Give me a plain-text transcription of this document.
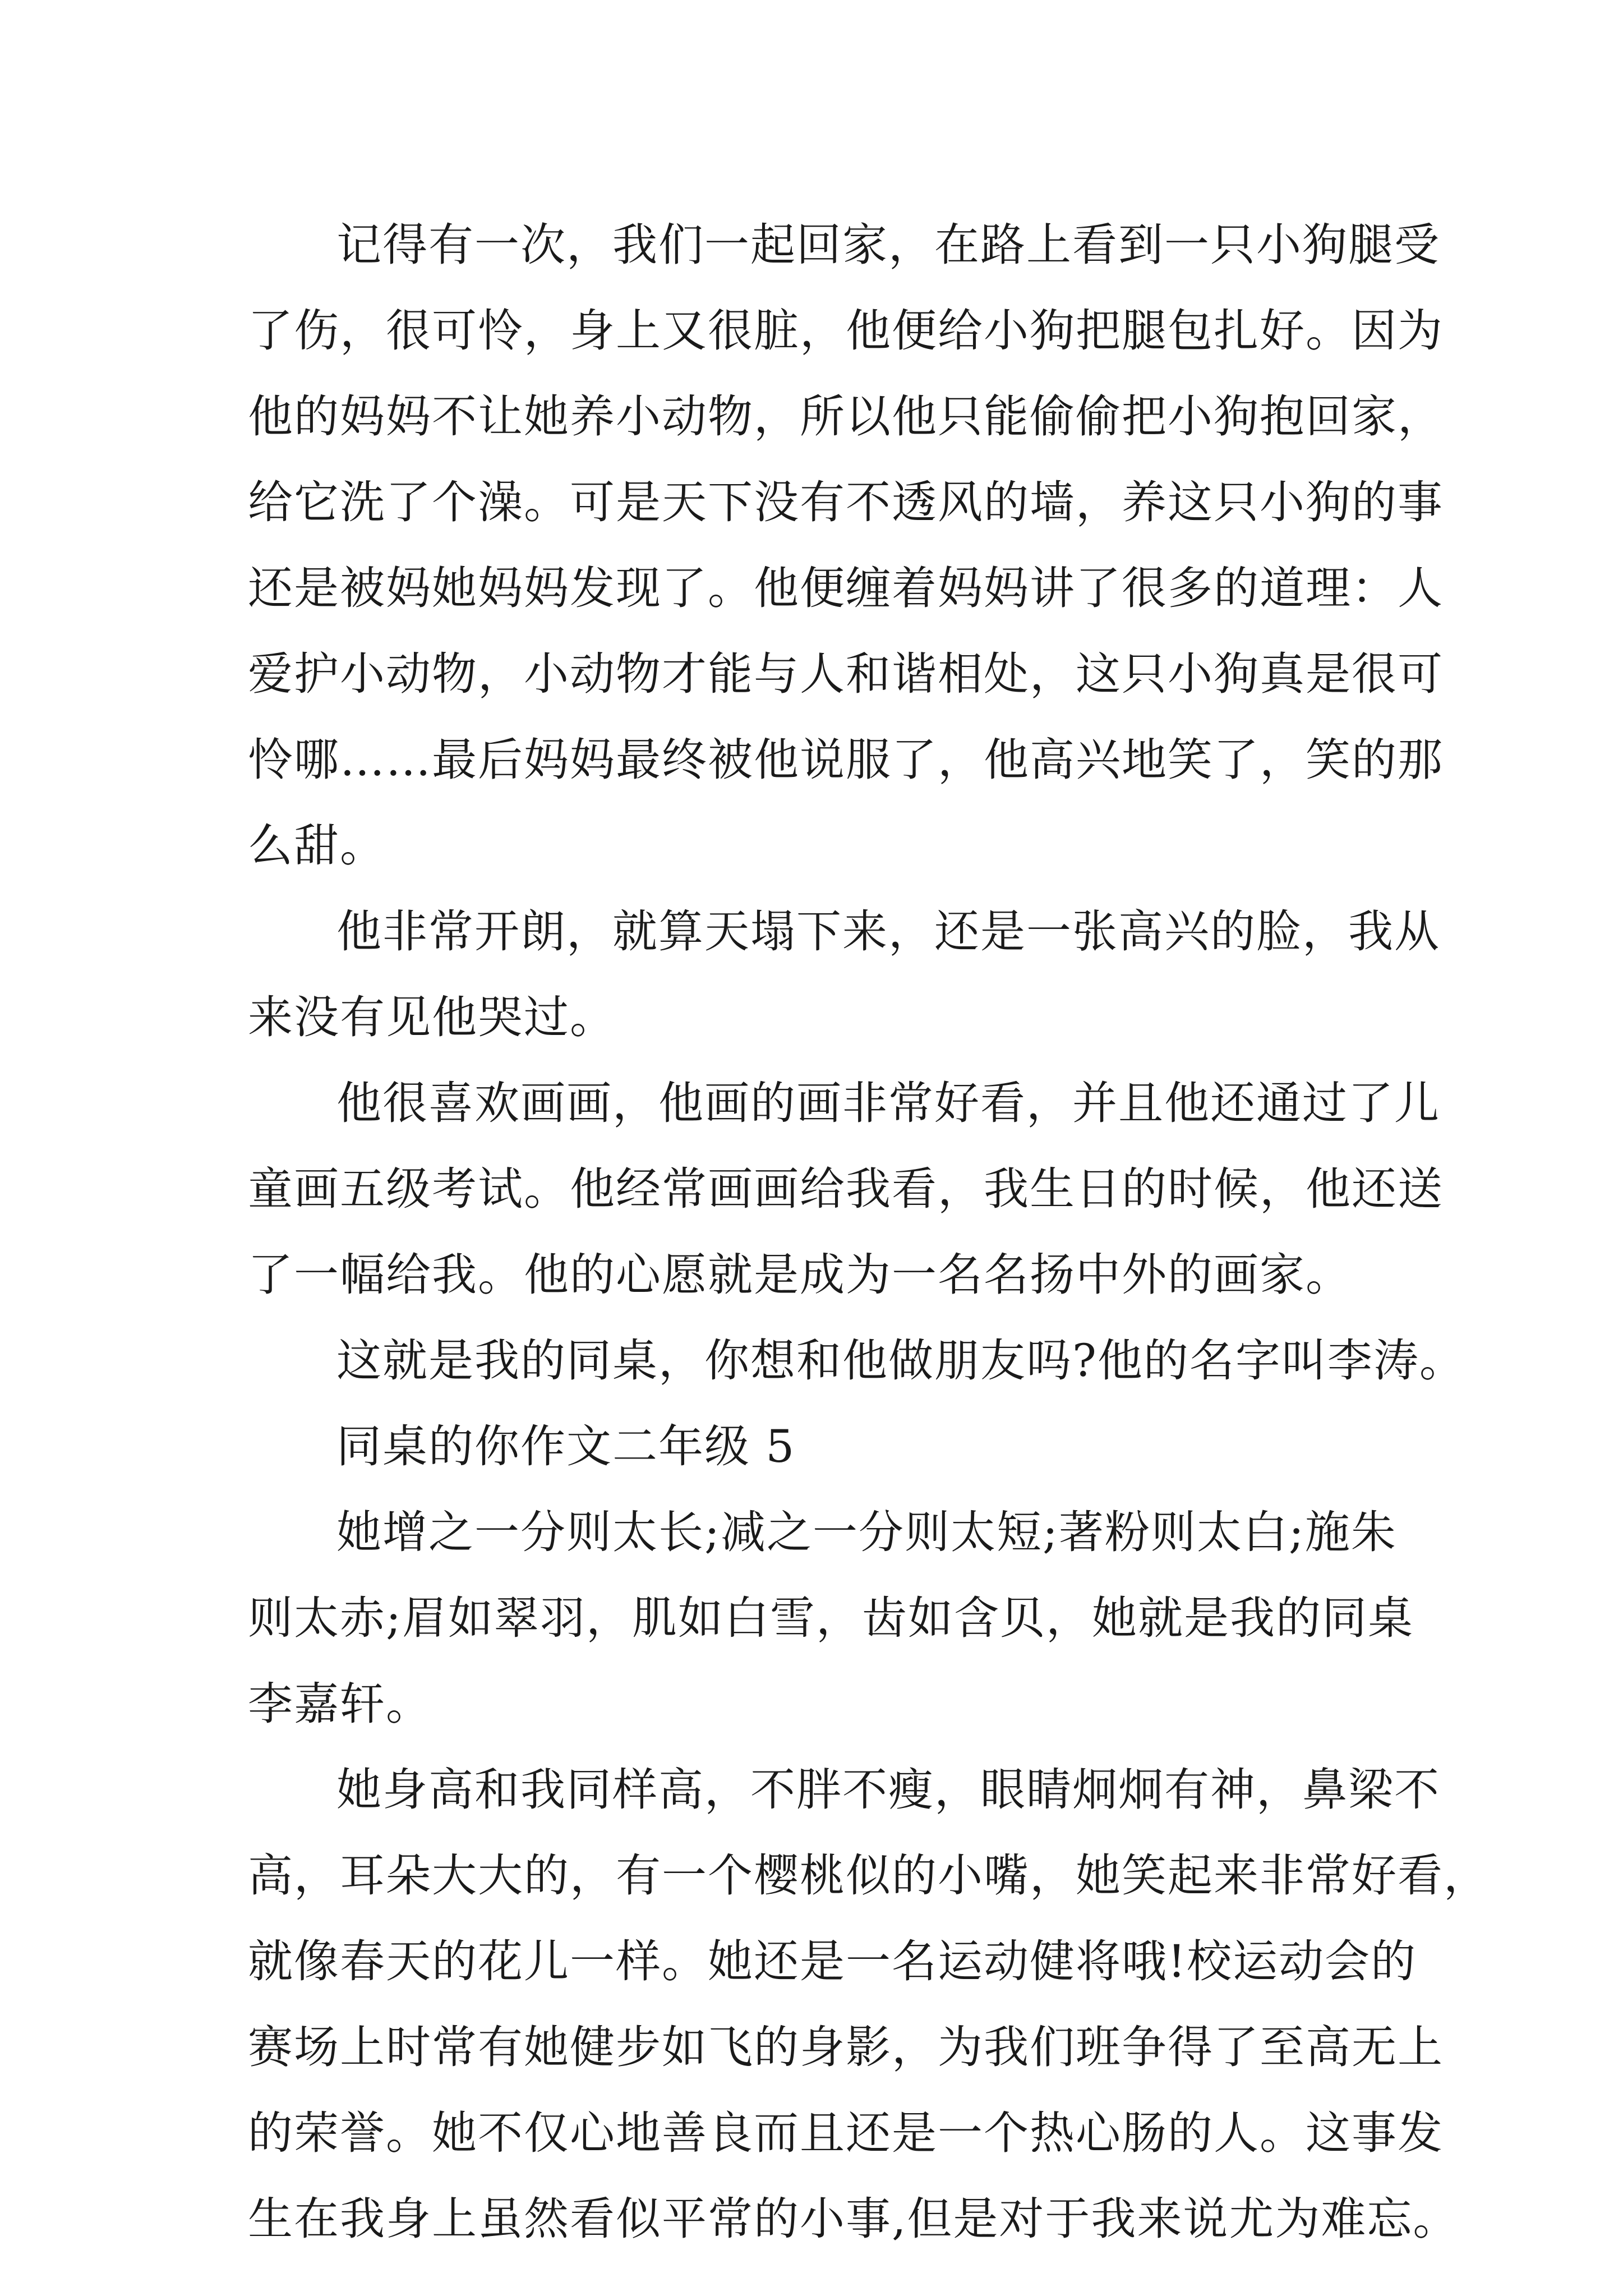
记得有一次，我们一起回家，在路上看到一只小狗腿受
了伤，很可怜，身上又很脏，他便给小狗把腿包扎好。因为
他的妈妈不让她养小动物，所以他只能偷偷把小狗抱回家，
给它洗了个澡。可是天下没有不透风的墙，养这只小狗的事
还是被妈她妈妈发现了。他便缠着妈妈讲了很多的道理：人
爱护小动物，小动物才能与人和谐相处，这只小狗真是很可
怜哪……最后妈妈最终被他说服了，他高兴地笑了，笑的那
么甜。
他非常开朗，就算天塌下来，还是一张高兴的脸，我从
来没有见他哭过。
他很喜欢画画，他画的画非常好看，并且他还通过了儿
童画五级考试。他经常画画给我看，我生日的时候，他还送
了一幅给我。他的心愿就是成为一名名扬中外的画家。
这就是我的同桌，你想和他做朋友吗?他的名字叫李涛。
同桌的你作文二年级 5
她增之一分则太长;减之一分则太短;著粉则太白;施朱
则太赤;眉如翠羽，肌如白雪，齿如含贝，她就是我的同桌
李嘉轩。
她身高和我同样高，不胖不瘦，眼睛炯炯有神，鼻梁不
高，耳朵大大的，有一个樱桃似的小嘴，她笑起来非常好看，
就像春天的花儿一样。她还是一名运动健将哦!校运动会的
赛场上时常有她健步如飞的身影，为我们班争得了至高无上
的荣誉。她不仅心地善良而且还是一个热心肠的人。这事发
生在我身上虽然看似平常的小事,但是对于我来说尤为难忘。
